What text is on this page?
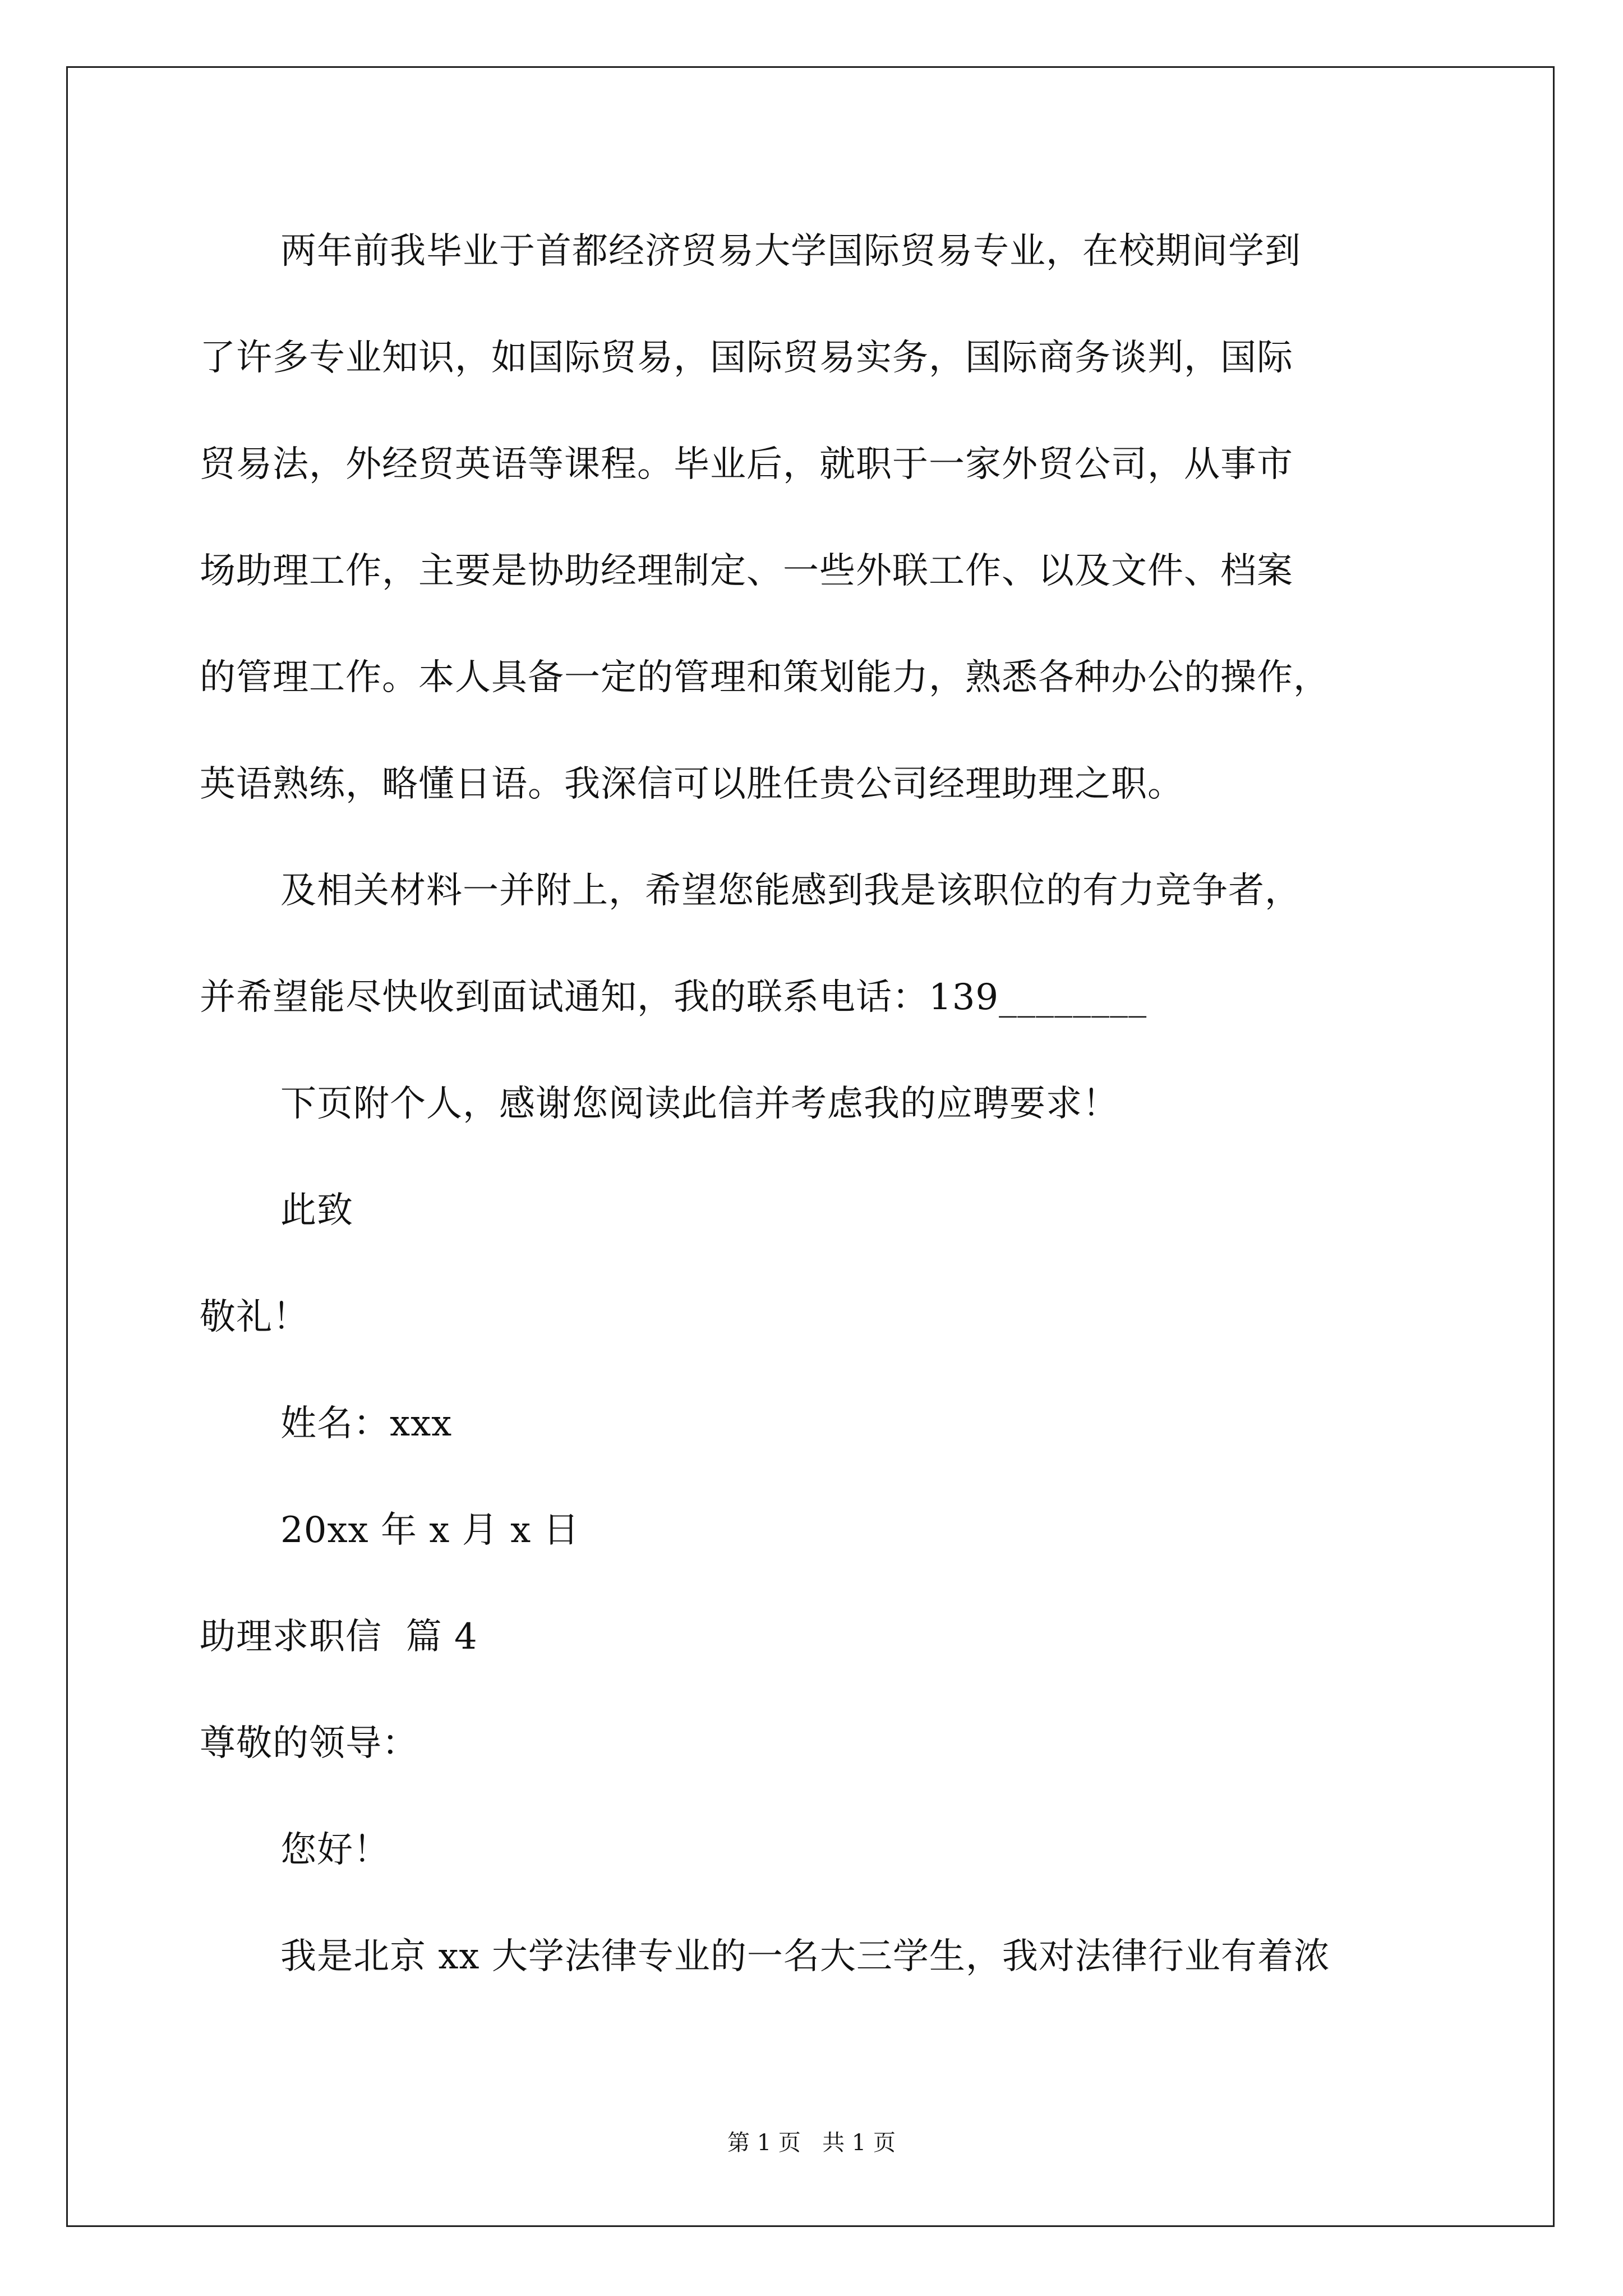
两年前我毕业于首都经济贸易大学国际贸易专业，在校期间学到
了许多专业知识，如国际贸易，国际贸易实务，国际商务谈判，国际
贸易法，外经贸英语等课程。毕业后，就职于一家外贸公司，从事市
场助理工作，主要是协助经理制定、一些外联工作、以及文件、档案
的管理工作。本人具备一定的管理和策划能力，熟悉各种办公的操作，
英语熟练，略懂日语。我深信可以胜任贵公司经理助理之职。
及相关材料一并附上，希望您能感到我是该职位的有力竞争者，
并希望能尽快收到面试通知，我的联系电话：139________
下页附个人，感谢您阅读此信并考虑我的应聘要求！
此致
敬礼！
姓名：xxx
20xx 年 x 月 x 日
助理求职信  篇 4
尊敬的领导：
您好！
我是北京 xx 大学法律专业的一名大三学生，我对法律行业有着浓
第 1 页   共 1 页
